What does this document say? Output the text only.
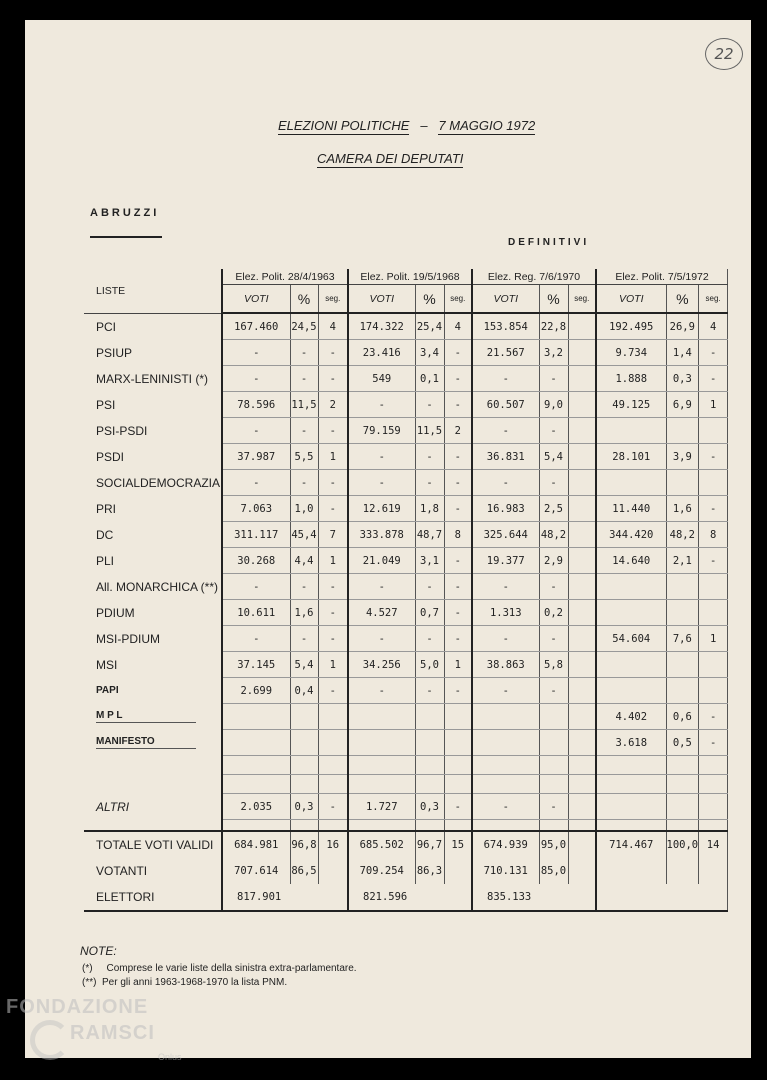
22
ELEZIONI POLITICHE – 7 MAGGIO 1972
CAMERA DEI DEPUTATI
ABRUZZI
DEFINITIVI
LISTE	Elez. Polit. 28/4/1963			Elez. Polit. 19/5/1968			Elez. Reg. 7/6/1970			Elez. Polit. 7/5/1972		
	VOTI	%	seg.	VOTI	%	seg.	VOTI	%	seg.	VOTI	%	seg.
PCI	167.460	24,5	4	174.322	25,4	4	153.854	22,8		192.495	26,9	4
PSIUP	-	-	-	23.416	3,4	-	21.567	3,2		9.734	1,4	-
MARX-LENINISTI (*)	-	-	-	549	0,1	-	-	-		1.888	0,3	-
PSI	78.596	11,5	2	-	-	-	60.507	9,0		49.125	6,9	1
PSI-PSDI	-	-	-	79.159	11,5	2	-	-				
PSDI	37.987	5,5	1	-	-	-	36.831	5,4		28.101	3,9	-
SOCIALDEMOCRAZIA	-	-	-	-	-	-	-	-				
PRI	7.063	1,0	-	12.619	1,8	-	16.983	2,5		11.440	1,6	-
DC	311.117	45,4	7	333.878	48,7	8	325.644	48,2		344.420	48,2	8
PLI	30.268	4,4	1	21.049	3,1	-	19.377	2,9		14.640	2,1	-
All. MONARCHICA (**)	-	-	-	-	-	-	-	-				
PDIUM	10.611	1,6	-	4.527	0,7	-	1.313	0,2				
MSI-PDIUM	-	-	-	-	-	-	-	-		54.604	7,6	1
MSI	37.145	5,4	1	34.256	5,0	1	38.863	5,8				
PAPI	2.699	0,4	-	-	-	-	-	-				
M P L										4.402	0,6	-
MANIFESTO										3.618	0,5	-

ALTRI	2.035	0,3	-	1.727	0,3	-	-	-				

TOTALE VOTI VALIDI	684.981	96,8	16	685.502	96,7	15	674.939	95,0		714.467	100,0	14
VOTANTI	707.614	86,5		709.254	86,3		710.131	85,0				
ELETTORI	817.901			821.596			835.133					
NOTE:
(*) Comprese le varie liste della sinistra extra-parlamentare.
(**) Per gli anni 1963-1968-1970 la lista PNM.
FONDAZIONE
RAMSCI
Onlus
